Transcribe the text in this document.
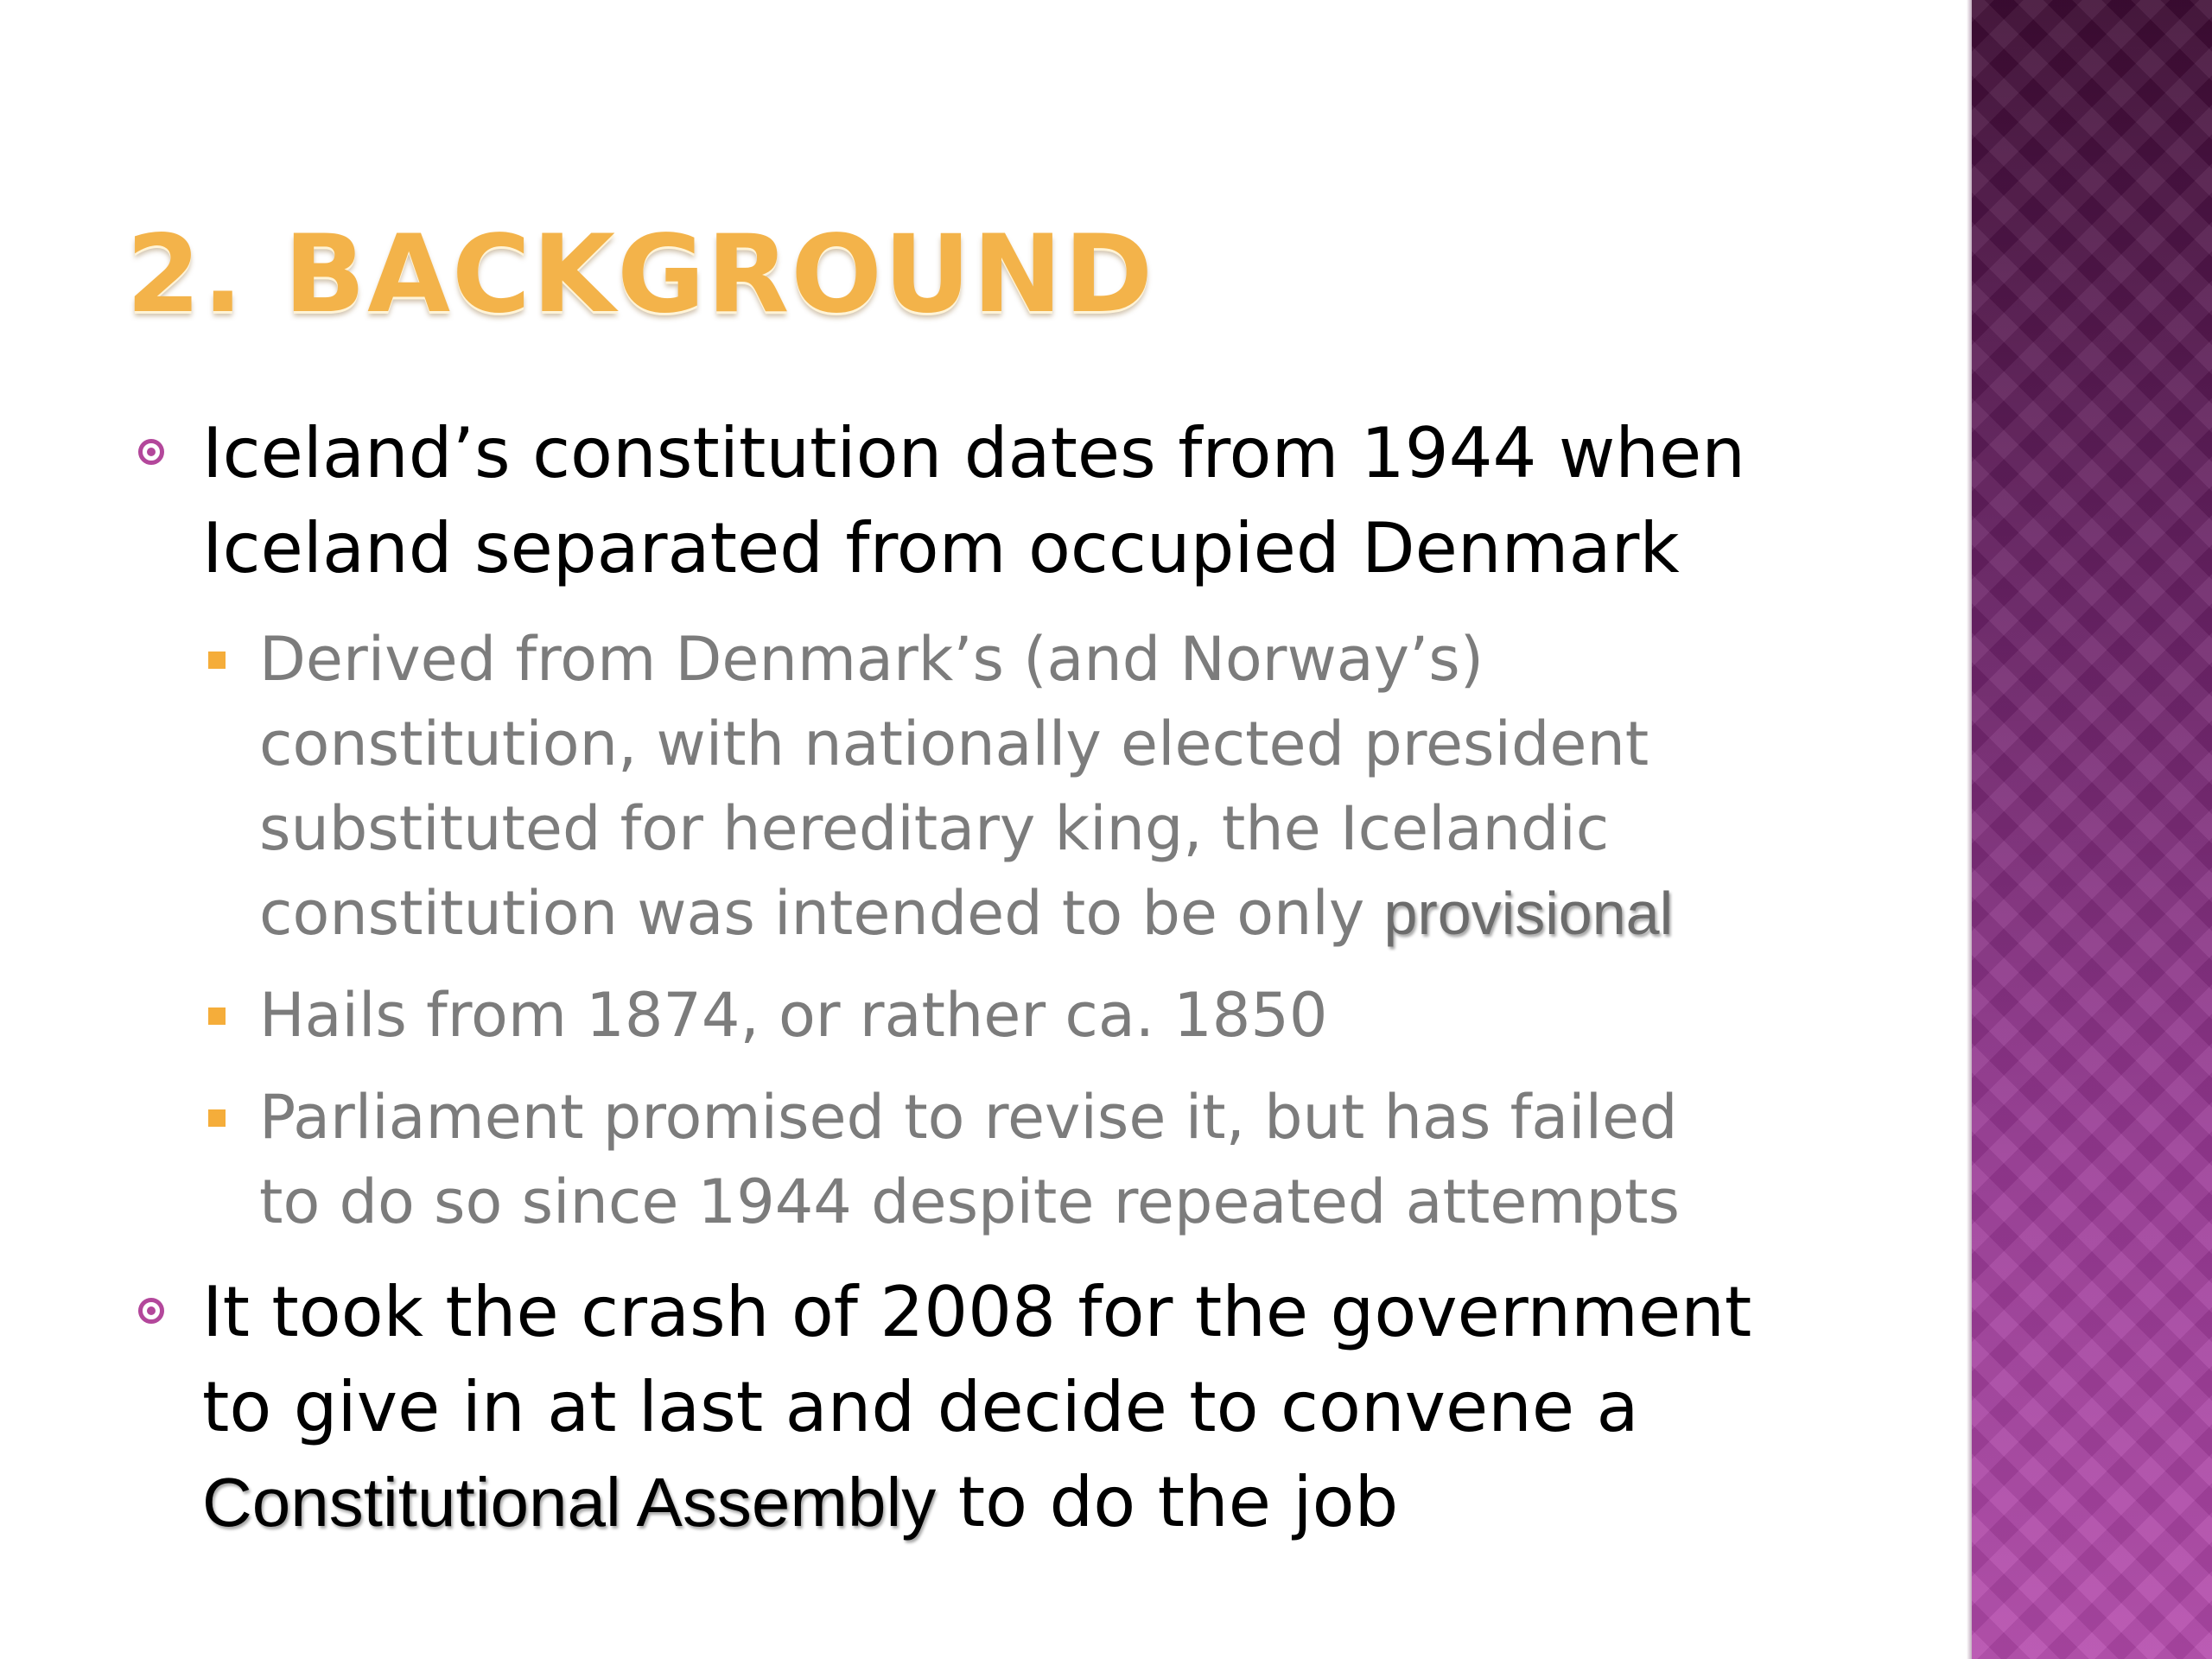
2. BACKGROUND
Iceland’s constitution dates from 1944 when
Iceland separated from occupied Denmark
Derived from Denmark’s (and Norway’s)
constitution, with nationally elected president
substituted for hereditary king, the Icelandic
constitution was intended to be only provisional
Hails from 1874, or rather ca. 1850
Parliament promised to revise it, but has failed
to do so since 1944 despite repeated attempts
It took the crash of 2008 for the government
to give in at last and decide to convene a
Constitutional Assembly to do the job
